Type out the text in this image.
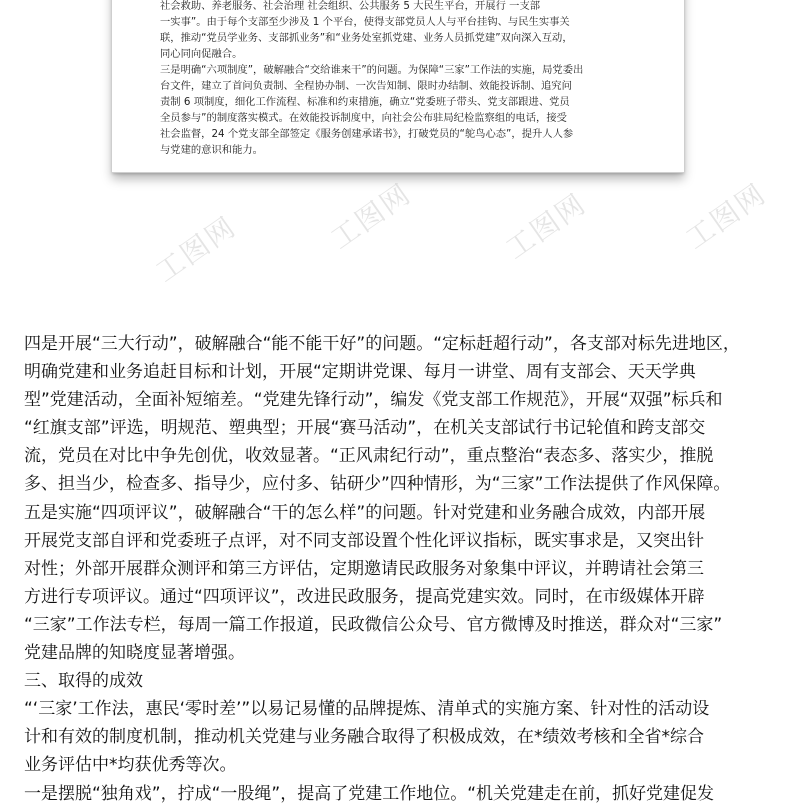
社会救助、养老服务、社会治理 社会组织、公共服务 5 大民生平台，开展行 一支部

一实事”。由于每个支部至少涉及 1 个平台，使得支部党员人人与平台挂钩、与民生实事关

联，推动“党员学业务、支部抓业务”和“业务处室抓党建、业务人员抓党建”双向深入互动，

同心同向促融合。

三是明确“六项制度”，破解融合“交给谁来干”的问题。为保障“三家”工作法的实施，局党委出

台文件，建立了首问负责制、全程协办制、一次告知制、限时办结制、效能投诉制、追究问

责制 6 项制度，细化工作流程、标准和约束措施，确立“党委班子带头、党支部跟进、党员

全员参与”的制度落实模式。在效能投诉制度中，向社会公布驻局纪检监察组的电话，接受

社会监督，24 个党支部全部签定《服务创建承诺书》，打破党员的“鸵鸟心态”，提升人人参

与党建的意识和能力。

工图网	工图网	工图网	工图网

四是开展“三大行动”，破解融合“能不能干好”的问题。“定标赶超行动”，各支部对标先进地区，

明确党建和业务追赶目标和计划，开展“定期讲党课、每月一讲堂、周有支部会、天天学典

型”党建活动，全面补短缩差。“党建先锋行动”，编发《党支部工作规范》，开展“双强”标兵和

“红旗支部”评选，明规范、塑典型；开展“赛马活动”，在机关支部试行书记轮值和跨支部交

流，党员在对比中争先创优，收效显著。“正风肃纪行动”，重点整治“表态多、落实少，推脱

多、担当少，检查多、指导少，应付多、钻研少”四种情形，为“三家”工作法提供了作风保障。

五是实施“四项评议”，破解融合“干的怎么样”的问题。针对党建和业务融合成效，内部开展

开展党支部自评和党委班子点评，对不同支部设置个性化评议指标，既实事求是，又突出针

对性；外部开展群众测评和第三方评估，定期邀请民政服务对象集中评议，并聘请社会第三

方进行专项评议。通过“四项评议”，改进民政服务，提高党建实效。同时，在市级媒体开辟

“三家”工作法专栏，每周一篇工作报道，民政微信公众号、官方微博及时推送，群众对“三家”

党建品牌的知晓度显著增强。

三、取得的成效

“‘三家’工作法，惠民‘零时差’”以易记易懂的品牌提炼、清单式的实施方案、针对性的活动设

计和有效的制度机制，推动机关党建与业务融合取得了积极成效，在*绩效考核和全省*综合

业务评估中*均获优秀等次。

一是摆脱“独角戏”，拧成“一股绳”，提高了党建工作地位。“机关党建走在前，抓好党建促发
